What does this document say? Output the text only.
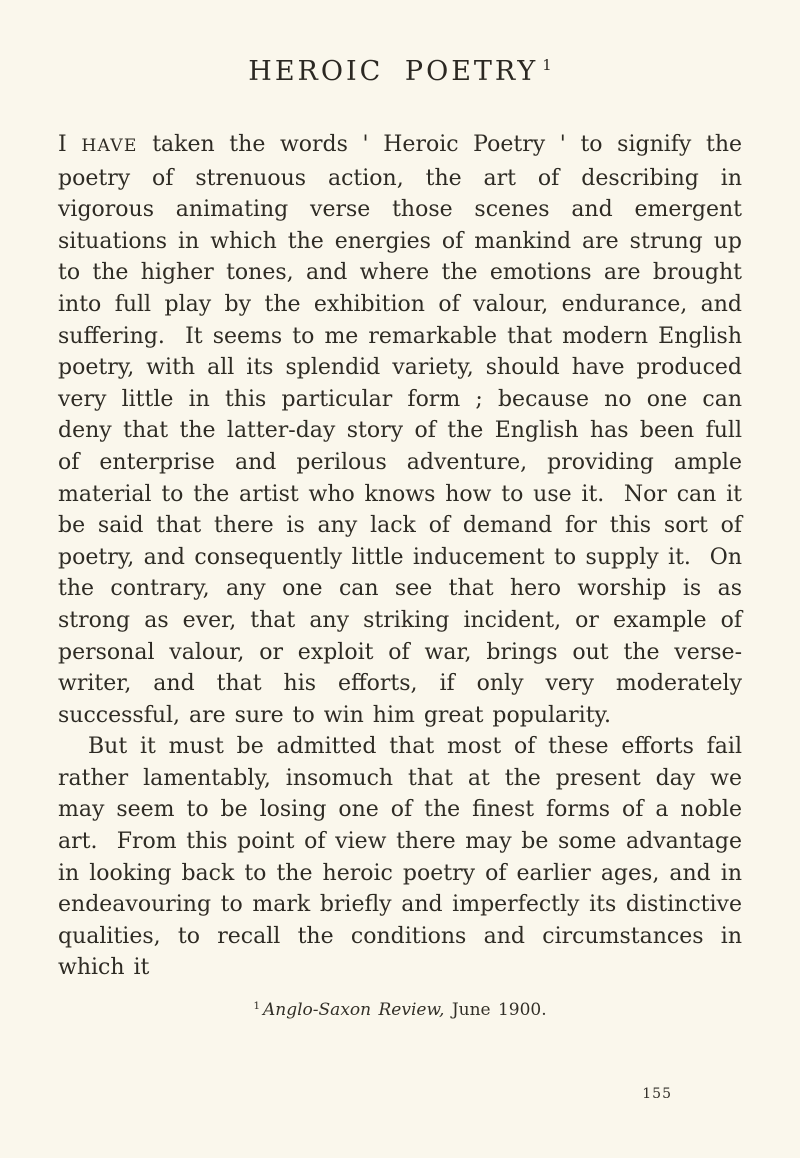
HEROIC POETRY $^1$

I HAVE taken the words ' Heroic Poetry ' to signify the poetry of strenuous action, the art of describing in vigorous animating verse those scenes and emergent situations in which the energies of mankind are strung up to the higher tones, and where the emotions are brought into full play by the exhibition of valour, endurance, and suffering.  It seems to me remarkable that modern English poetry, with all its splendid variety, should have produced very little in this particular form ; because no one can deny that the latter-day story of the English has been full of enterprise and perilous adventure, providing ample material to the artist who knows how to use it.  Nor can it be said that there is any lack of demand for this sort of poetry, and consequently little inducement to supply it.  On the contrary, any one can see that hero worship is as strong as ever, that any striking incident, or example of personal valour, or exploit of war, brings out the verse-writer, and that his efforts, if only very moderately successful, are sure to win him great popularity.

But it must be admitted that most of these efforts fail rather lamentably, insomuch that at the present day we may seem to be losing one of the finest forms of a noble art.  From this point of view there may be some advantage in looking back to the heroic poetry of earlier ages, and in endeavouring to mark briefly and imperfectly its distinctive qualities, to recall the conditions and circumstances in which it

$^1$ Anglo-Saxon Review, June 1900.
155
